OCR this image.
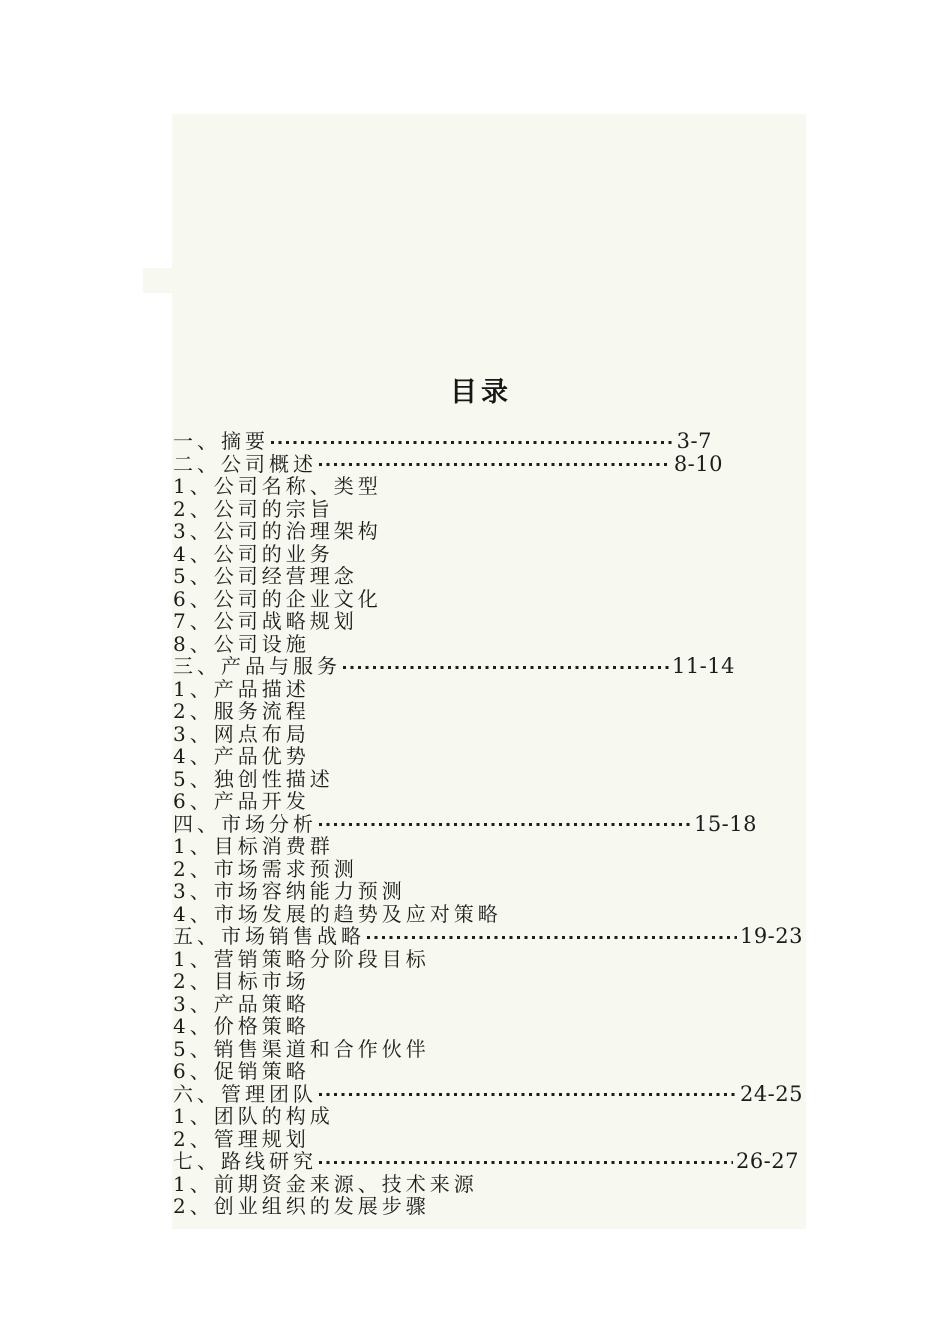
目录
一、摘要	3-7
二、公司概述	8-10
1、公司名称、类型
2、公司的宗旨
3、公司的治理架构
4、公司的业务
5、公司经营理念
6、公司的企业文化
7、公司战略规划
8、公司设施
三、产品与服务	11-14
1、产品描述
2、服务流程
3、网点布局
4、产品优势
5、独创性描述
6、产品开发
四、市场分析	15-18
1、目标消费群
2、市场需求预测
3、市场容纳能力预测
4、市场发展的趋势及应对策略
五、市场销售战略	19-23
1、营销策略分阶段目标
2、目标市场
3、产品策略
4、价格策略
5、销售渠道和合作伙伴
6、促销策略
六、管理团队	24-25
1、团队的构成
2、管理规划
七、路线研究	26-27
1、前期资金来源、技术来源
2、创业组织的发展步骤
